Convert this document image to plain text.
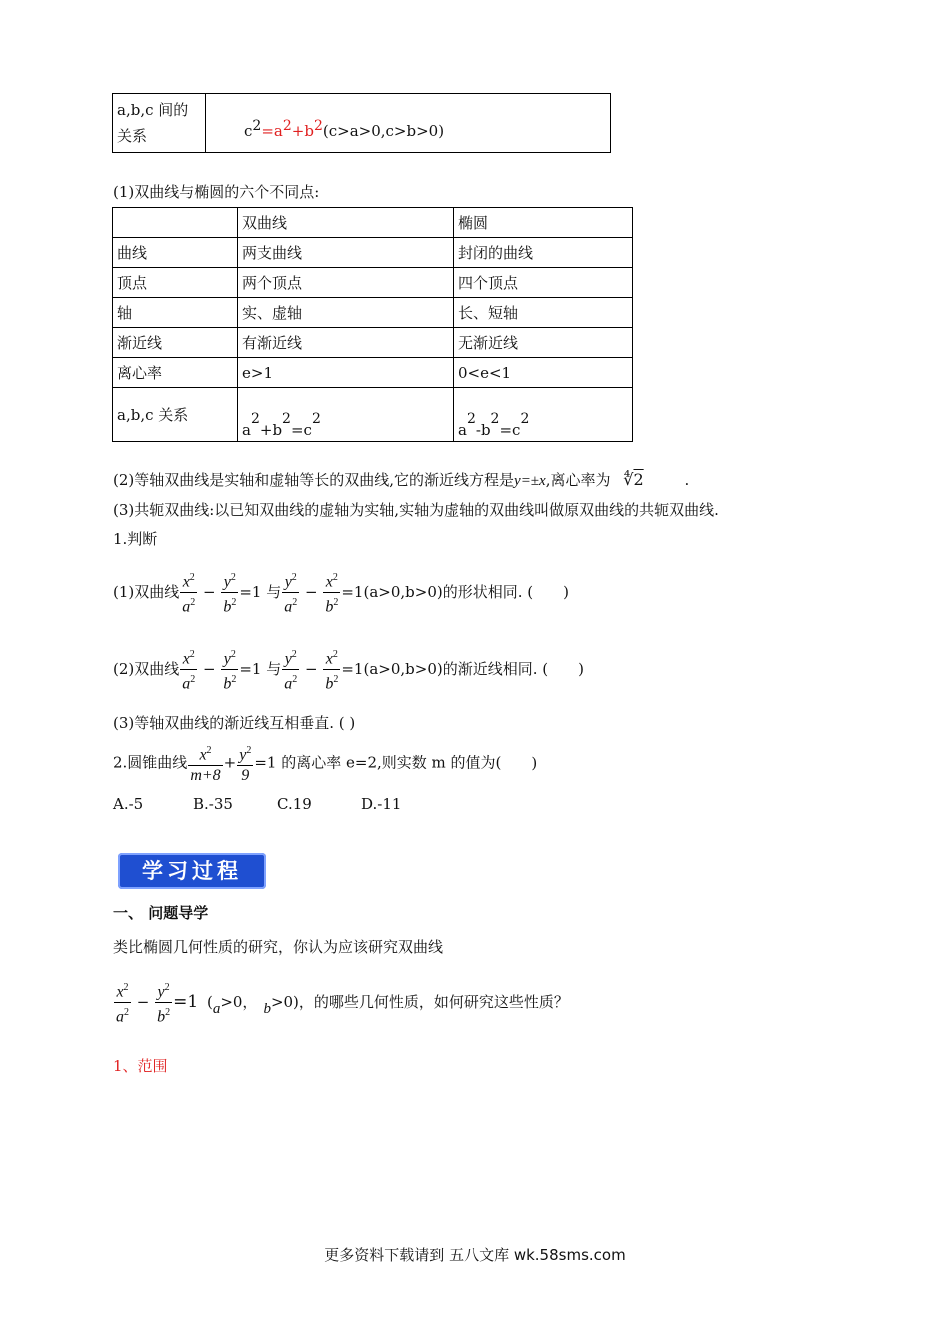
a,b,c 间的关系	$c^2=a^2+b^2(c>a>0,c>b>0)$
(1)双曲线与椭圆的六个不同点:
	双曲线	椭圆
曲线	两支曲线	封闭的曲线
顶点	两个顶点	四个顶点
轴	实、虚轴	长、短轴
渐近线	有渐近线	无渐近线
离心率	e>1	0<e<1
a,b,c 关系	$a^2+b^2=c^2$	$a^2-b^2=c^2$
(2)等轴双曲线是实轴和虚轴等长的双曲线,它的渐近线方程是y=±x,离心率为 ∜2	.
(3)共轭双曲线:以已知双曲线的虚轴为实轴,实轴为虚轴的双曲线叫做原双曲线的共轭双曲线.
1.判断
(1)双曲线 $\frac{x^2}{a^2} - \frac{y^2}{b^2} =1$ 与 $\frac{y^2}{a^2} - \frac{x^2}{b^2} =1(a>0,b>0)$的形状相同. ( )
(2)双曲线 $\frac{x^2}{a^2} - \frac{y^2}{b^2} =1$ 与 $\frac{y^2}{a^2} - \frac{x^2}{b^2} =1(a>0,b>0)$的渐近线相同. ( )
(3)等轴双曲线的渐近线互相垂直. ( )
2.圆锥曲线 $\frac{x^2}{m+8} + \frac{y^2}{9} =1$ 的离心率 e=2,则实数 m 的值为( )
A.-5	B.-35	C.19	D.-11
学习过程
一、 问题导学
类比椭圆几何性质的研究，你认为应该研究双曲线
$\frac{x^2}{a^2} - \frac{y^2}{b^2} =1$ (a>0， b>0)，的哪些几何性质，如何研究这些性质？
1、范围
更多资料下载请到 五八文库 wk.58sms.com
